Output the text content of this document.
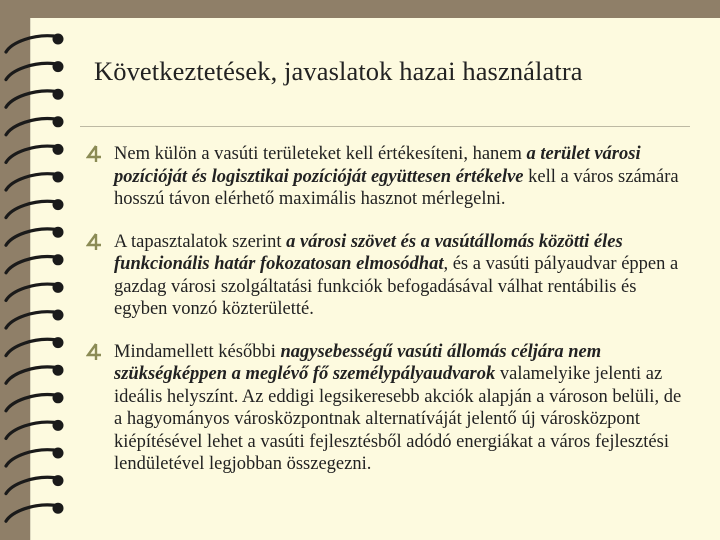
Következtetések, javaslatok hazai használatra
Nem külön a vasúti területeket kell értékesíteni, hanem a terület városi pozícióját és logisztikai pozícióját együttesen értékelve kell a város számára hosszú távon elérhető maximális hasznot mérlegelni.
A tapasztalatok szerint a városi szövet és a vasútállomás közötti éles funkcionális határ fokozatosan elmosódhat, és a vasúti pályaudvar éppen a gazdag városi szolgáltatási funkciók befogadásával válhat rentábilis és egyben vonzó közterületté.
Mindamellett későbbi nagysebességű vasúti állomás céljára nem szükségképpen a meglévő fő személypályaudvarok valamelyike jelenti az ideális helyszínt. Az eddigi legsikeresebb akciók alapján a városon belüli, de a hagyományos városközpontnak alternatíváját jelentő új városközpont kiépítésével lehet a vasúti fejlesztésből adódó energiákat a város fejlesztési lendületével legjobban összegezni.
